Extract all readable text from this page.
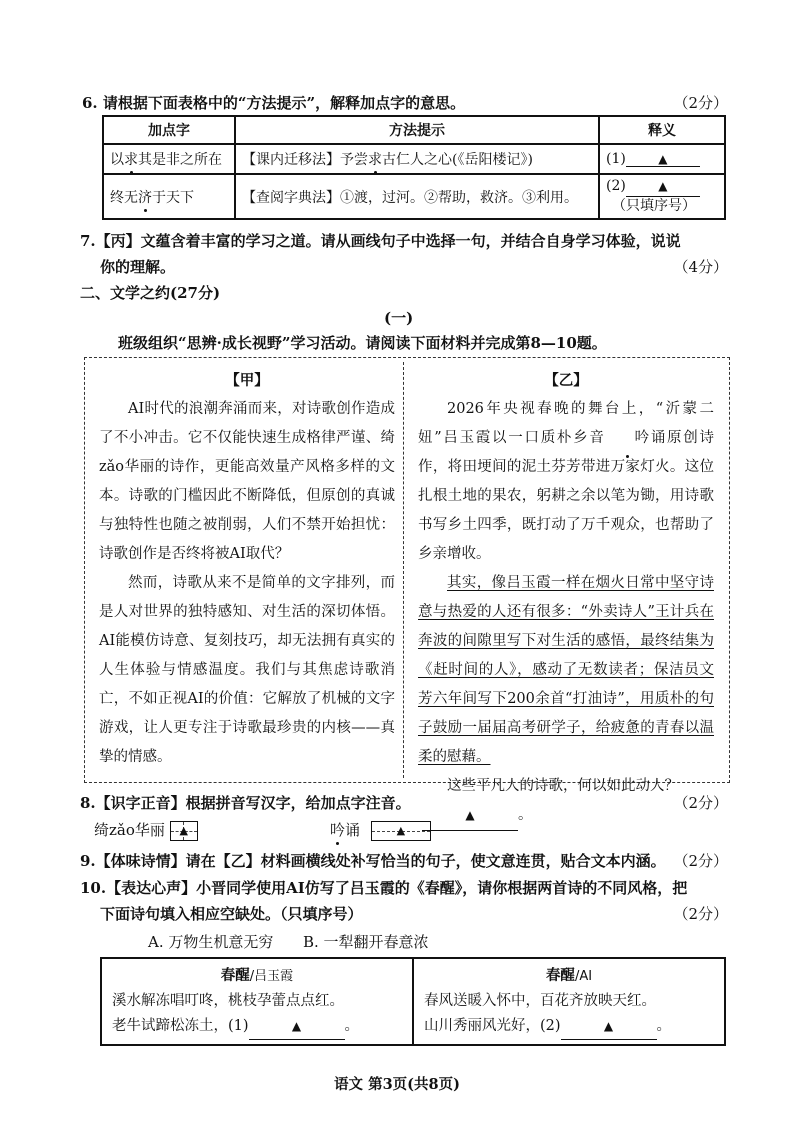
6. 请根据下面表格中的“方法提示”，解释加点字的意思。	（2分）
加点字	方法提示	释义
以求其是非之所在	【课内迁移法】予尝求古仁人之心(《岳阳楼记》)	(1) ▲
终无济于天下	【查阅字典法】①渡，过河。②帮助，救济。③利用。	(2) ▲
（只填序号）
7.【丙】文蕴含着丰富的学习之道。请从画线句子中选择一句，并结合自身学习体验，说说
你的理解。	（4分）
二、文学之约(27分)
(一)
班级组织“思辨·成长视野”学习活动。请阅读下面材料并完成第8—10题。
【甲】

AI时代的浪潮奔涌而来，对诗歌创作造成了不小冲击。它不仅能快速生成格律严谨、绮zǎo华丽的诗作，更能高效量产风格多样的文本。诗歌的门槛因此不断降低，但原创的真诚与独特性也随之被削弱，人们不禁开始担忧：诗歌创作是否终将被AI取代？

然而，诗歌从来不是简单的文字排列，而是人对世界的独特感知、对生活的深切体悟。AI能模仿诗意、复刻技巧，却无法拥有真实的人生体验与情感温度。我们与其焦虑诗歌消亡，不如正视AI的价值：它解放了机械的文字游戏，让人更专注于诗歌最珍贵的内核——真挚的情感。

【乙】

2026年央视春晚的舞台上，“沂蒙二妞”吕玉霞以一口质朴乡音 吟诵原创诗作，将田埂间的泥土芬芳带进万家灯火。这位扎根土地的果农，躬耕之余以笔为锄，用诗歌书写乡土四季，既打动了万千观众，也帮助了乡亲增收。

其实，像吕玉霞一样在烟火日常中坚守诗意与热爱的人还有很多：“外卖诗人”王计兵在奔波的间隙里写下对生活的感悟，最终结集为《赶时间的人》，感动了无数读者；保洁员文芳六年间写下200余首“打油诗”，用质朴的句子鼓励一届届高考研学子，给疲惫的青春以温柔的慰藉。

这些平凡人的诗歌，何以如此动人？

▲	。
8.【识字正音】根据拼音写汉字，给加点字注音。	（2分）
绮zǎo华丽 ▲	吟诵	▲
9.【体味诗情】请在【乙】材料画横线处补写恰当的句子，使文意连贯，贴合文本内涵。 （2分）
10.【表达心声】小晋同学使用AI仿写了吕玉霞的《春醒》，请你根据两首诗的不同风格，把
下面诗句填入相应空缺处。（只填序号）	（2分）
A. 万物生机意无穷 B. 一犁翻开春意浓
春醒/吕玉霞
溪水解冻唱叮咚，桃枝孕蕾点点红。
老牛试蹄松冻土，(1)	▲	。

春醒/AI
春风送暖入怀中，百花齐放映天红。
山川秀丽风光好，(2)	▲	。
语文 第3页(共8页)
